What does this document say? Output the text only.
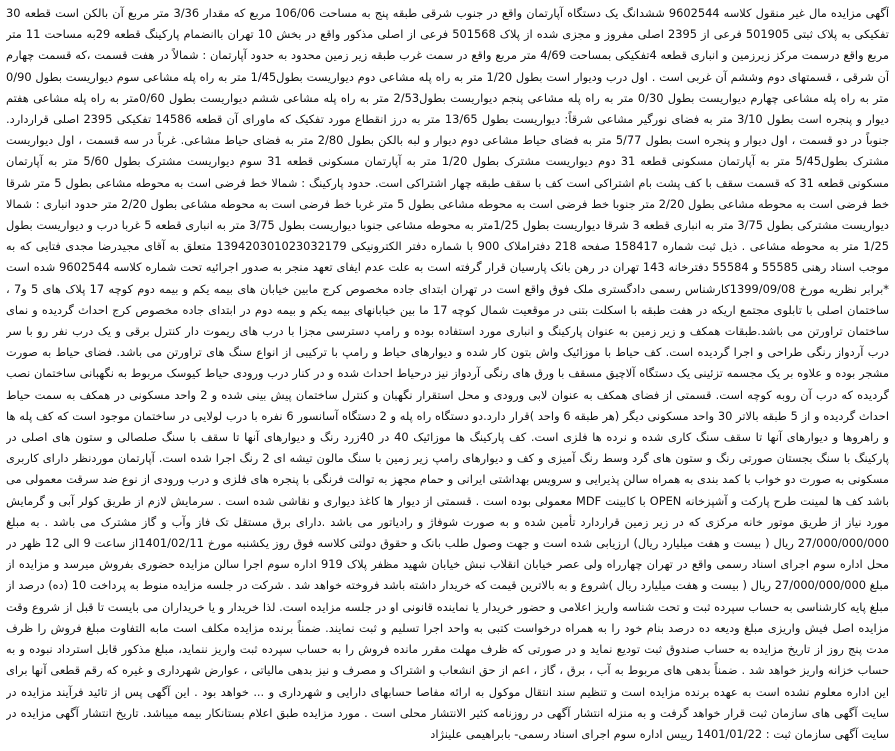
آگهی مزایده مال غیر منقول کلاسه 9602544 ششدانگ یک دستگاه آپارتمان واقع در جنوب شرقی طبقه پنج به مساحت 106/06 مربع که مقدار 3/36 متر مربع آن بالکن است قطعه 30 تفکیکی به پلاک ثبتی 501905 فرعی از 2395 اصلی مفروز و مجزی شده از پلاک 501568 فرعی از اصلی مذکور واقع در بخش 10 تهران باانضمام پارکینگ قطعه 29به مساحت 11 متر مربع واقع درسمت مرکز زیرزمین و انباری قطعه 4تفکیکی بمساحت 4/69 متر مربع واقع در سمت غرب طبقه زیر زمین محدود به حدود آپارتمان : شمالاً در هفت قسمت ،که قسمت چهارم آن شرقی ، قسمتهای دوم وششم آن غربی است . اول درب ودیوار است بطول 1/20 متر به راه پله مشاعی دوم دیواریست بطول1/45 متر به راه پله مشاعی سوم دیواریست بطول 0/90 متر به راه پله مشاعی چهارم دیواریست بطول 0/30 متر به راه پله مشاعی پنجم دیواریست بطول2/53 متر به راه پله مشاعی ششم دیواریست بطول 0/60متر به راه پله مشاعی هفتم دیوار و پنجره است بطول 3/10 متر به فضای نورگیر مشاعی شرقاً: دیواریست بطول 13/65 متر به درز انقطاع مورد تفکیک که ماورای آن قطعه 14586 تفکیکی 2395 اصلی قراردارد. جنوباً در دو قسمت ، اول دیوار و پنجره است بطول 5/77 متر به فضای حیاط مشاعی دوم دیوار و لبه بالکن بطول 2/80 متر به فضای حیاط مشاعی. غرباً در سه قسمت ، اول دیواریست مشترک بطول5/45 متر به آپارتمان مسکونی قطعه 31 دوم دیواریست مشترک بطول 1/20 متر به آپارتمان مسکونی قطعه 31 سوم دیواریست مشترک بطول 5/60 متر به آپارتمان مسکونی قطعه 31 که قسمت سقف با کف پشت بام اشتراکی است کف با سقف طبقه چهار اشتراکی است. حدود پارکینگ : شمالا خط فرضی است به محوطه مشاعی بطول 5 متر شرقا خط فرضی است به محوطه مشاعی بطول 2/20 متر جنوبا خط فرضی است به محوطه مشاعی بطول 5 متر غربا خط فرضی است به محوطه مشاعی بطول 2/20 متر حدود انباری : شمالا دیواریست مشترکی بطول 3/75 متر به انباری قطعه 3 شرقا دیواریست بطول 1/25متر به محوطه مشاعی جنوبا دیواریست بطول 3/75 متر به انباری قطعه 5 غربا درب و دیواریست بطول 1/25 متر به محوطه مشاعی . ذیل ثبت شماره 158417 صفحه 218 دفتراملاک 900 با شماره دفتر الکترونیکی 139420301023032179 متعلق به آقای مجیدرضا مجدی فتایی که به موجب اسناد رهنی 55585 و 55584 دفترخانه 143 تهران در رهن بانک پارسیان قرار گرفته است به علت عدم ایفای تعهد منجر به صدور اجرائیه تحت شماره کلاسه 9602544 شده است *برابر نظریه مورخ 1399/09/08کارشناس رسمی دادگستری ملک فوق واقع است در تهران ابتدای جاده مخصوص کرج مابین خیابان های بیمه یکم و بیمه دوم کوچه 17 پلاک های 5 و7 ، ساختمان اصلی با تابلوی مجتمع اریکه در هفت طبقه با اسکلت بتنی در موقعیت شمال کوچه 17 ما بین خیابانهای بیمه یکم و بیمه دوم در ابتدای جاده مخصوص کرج احداث گردیده و نمای ساختمان تراورتن می باشد.طبقات همکف و زیر زمین به عنوان پارکینگ و انباری مورد استفاده بوده و رامپ دسترسی مجزا با درب های ریموت دار کنترل برقی و یک درب نفر رو با سر درب آردواز رنگی طراحی و اجرا گردیده است. کف حیاط با موزائیک واش بتون کار شده و دیوارهای حیاط و رامپ با ترکیبی از انواع سنگ های تراورتن می باشد. فضای حیاط به صورت مشجر بوده و علاوه بر یک مجسمه تزئینی یک دستگاه آلاچیق مسقف با ورق های رنگی آردواز نیز درحیاط احداث شده و در کنار درب ورودی حیاط کیوسک مربوط به نگهبانی ساختمان نصب گردیده که درب آن روبه کوچه است. قسمتی از فضای همکف به عنوان لابی ورودی و محل استقرار نگهبان و کنترل ساختمان پیش بینی شده و 2 واحد مسکونی در همکف به سمت حیاط احداث گردیده و از 5 طبقه بالاتر 30 واحد مسکونی دیگر (هر طبقه 6 واحد )قرار دارد.دو دستگاه راه پله و 2 دستگاه آسانسور 6 نفره با درب لولایی در ساختمان موجود است که کف پله ها و راهروها و دیوارهای آنها تا سقف سنگ کاری شده و نرده ها فلزی است. کف پارکینگ ها موزائیک 40 در 40زرد رنگ و دیوارهای آنها تا سقف با سنگ صلصالی و ستون های اصلی در پارکینگ با سنگ بجستان صورتی رنگ و ستون های گرد وسط رنگ آمیزی و کف و دیوارهای رامپ زیر زمین با سنگ مالون تیشه ای 2 رنگ اجرا شده است. آپارتمان موردنظر دارای کاربری مسکونی به صورت دو خواب با کمد بندی به همراه سالن پذیرایی و سرویس بهداشتی ایرانی و حمام مجهز به توالت فرنگی با پنجره های فلزی و درب ورودی از نوع ضد سرقت معمولی می باشد کف ها لمینت طرح پارکت و آشپزخانه OPEN با کابینت MDF معمولی بوده است . قسمتی از دیوار ها کاغذ دیواری و نقاشی شده است . سرمایش لازم از طریق کولر آبی و گرمایش مورد نیاز از طریق موتور خانه مرکزی که در زیر زمین قراردارد تأمین شده و به صورت شوفاژ و رادیاتور می باشد .دارای برق مستقل تک فاز وآب و گاز مشترک می باشد . به مبلغ 27/000/000/000 ریال ( بیست و هفت میلیارد ریال) ارزیابی شده است و جهت وصول طلب بانک و حقوق دولتی کلاسه فوق روز یکشنبه مورخ 1401/02/11از ساعت 9 الی 12 ظهر در محل اداره سوم اجرای اسناد رسمی واقع در تهران چهارراه ولی عصر خیابان انقلاب نبش خیابان شهید مظفر پلاک 919 اداره سوم اجرا سالن مزایده حضوری بفروش میرسد و مزایده از مبلغ 27/000/000/000 ریال ( بیست و هفت میلیارد ریال )شروع و به بالاترین قیمت که خریدار داشته باشد فروخته خواهد شد . شرکت در جلسه مزایده منوط به پرداخت 10 (ده) درصد از مبلغ پایه کارشناسی به حساب سپرده ثبت و تحت شناسه واریز اعلامی و حضور خریدار یا نماینده قانونی او در جلسه مزایده است. لذا خریدار و یا خریداران می بایست تا قبل از شروع وقت مزایده اصل فیش واریزی مبلغ ودیعه ده درصد بنام خود را به همراه درخواست کتبی به واحد اجرا تسلیم و ثبت نمایند. ضمناً برنده مزایده مکلف است مابه التفاوت مبلغ فروش را ظرف مدت پنج روز از تاریخ مزایده به حساب صندوق ثبت تودیع نماید و در صورتی که ظرف مهلت مقرر مانده فروش را به حساب سپرده ثبت واریز ننماید، مبلغ مذکور قابل استرداد نبوده و به حساب خزانه واریز خواهد شد . ضمناً بدهی های مربوط به آب ، برق ، گاز ، اعم از حق انشعاب و اشتراک و مصرف و نیز بدهی مالیاتی ، عوارض شهرداری و غیره که رقم قطعی آنها برای این اداره معلوم نشده است به عهده برنده مزایده است و تنظیم سند انتقال موکول به ارائه مفاصا حسابهای دارایی و شهرداری و ... خواهد بود . این آگهی پس از تائید فرآیند مزایده در سایت آگهی های سازمان ثبت قرار خواهد گرفت و به منزله انتشار آگهی در روزنامه کثیر الانتشار محلی است . مورد مزایده طبق اعلام بستانکار بیمه میباشد. تاریخ انتشار آگهی مزایده در سایت آگهی سازمان ثبت : 1401/01/22 رییس اداره سوم اجرای اسناد رسمی- بابراهیمی علینژاد
